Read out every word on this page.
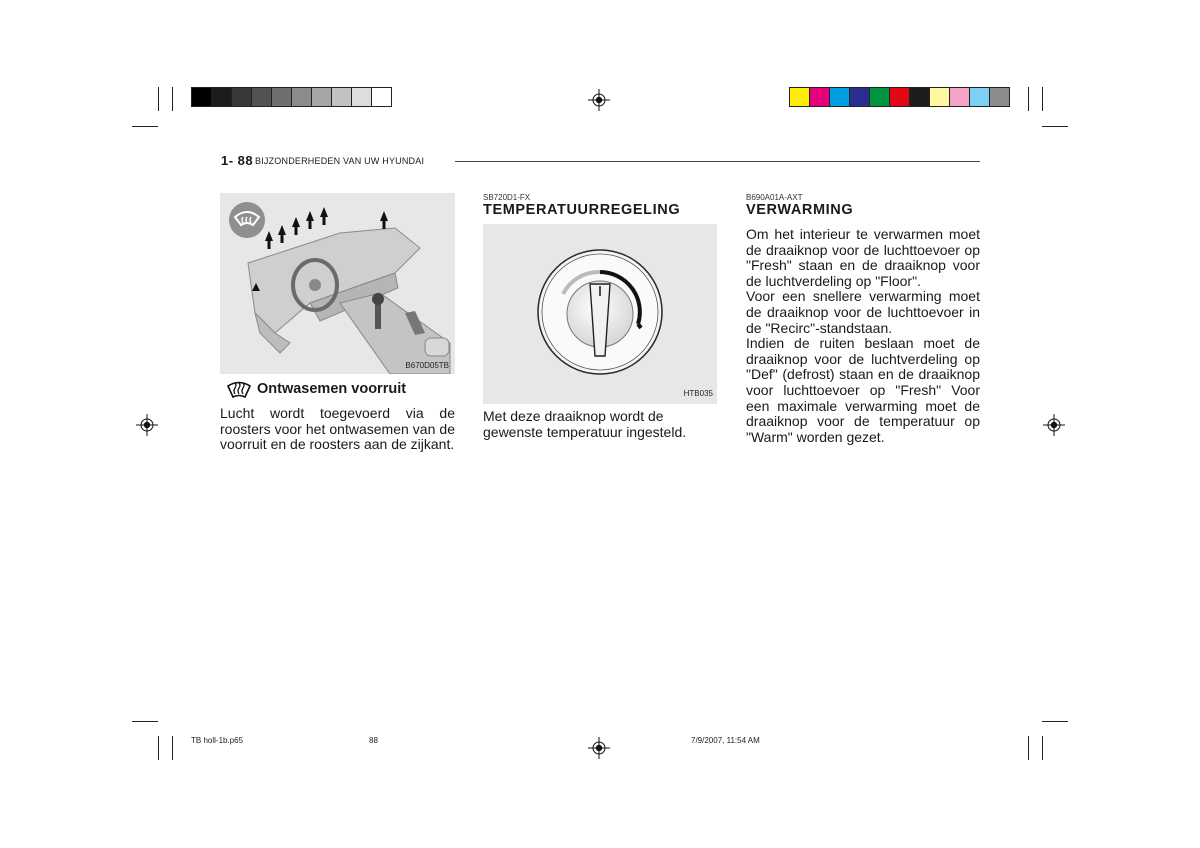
1- 88 BIJZONDERHEDEN VAN UW HYUNDAI
B670D05TB
Ontwasemen voorruit
Lucht wordt toegevoerd via de roosters voor het ontwasemen van de voorruit en de roosters aan de zijkant.
SB720D1-FX
TEMPERATUURREGELING
HTB035
Met deze draaiknop wordt de gewenste temperatuur ingesteld.
B690A01A-AXT
VERWARMING

Om het interieur te verwarmen moet de draaiknop voor de luchttoevoer op "Fresh" staan en de draaiknop voor de luchtverdeling op "Floor".

Voor een snellere verwarming moet de draaiknop voor de luchttoevoer in de "Recirc"-standstaan.

Indien de ruiten beslaan moet de draaiknop voor de luchtverdeling op "Def" (defrost) staan en de draaiknop voor luchttoevoer op "Fresh" Voor een maximale verwarming moet de draaiknop voor de temperatuur op "Warm" worden gezet.

TB holl-1b.p65	88	7/9/2007, 11:54 AM
